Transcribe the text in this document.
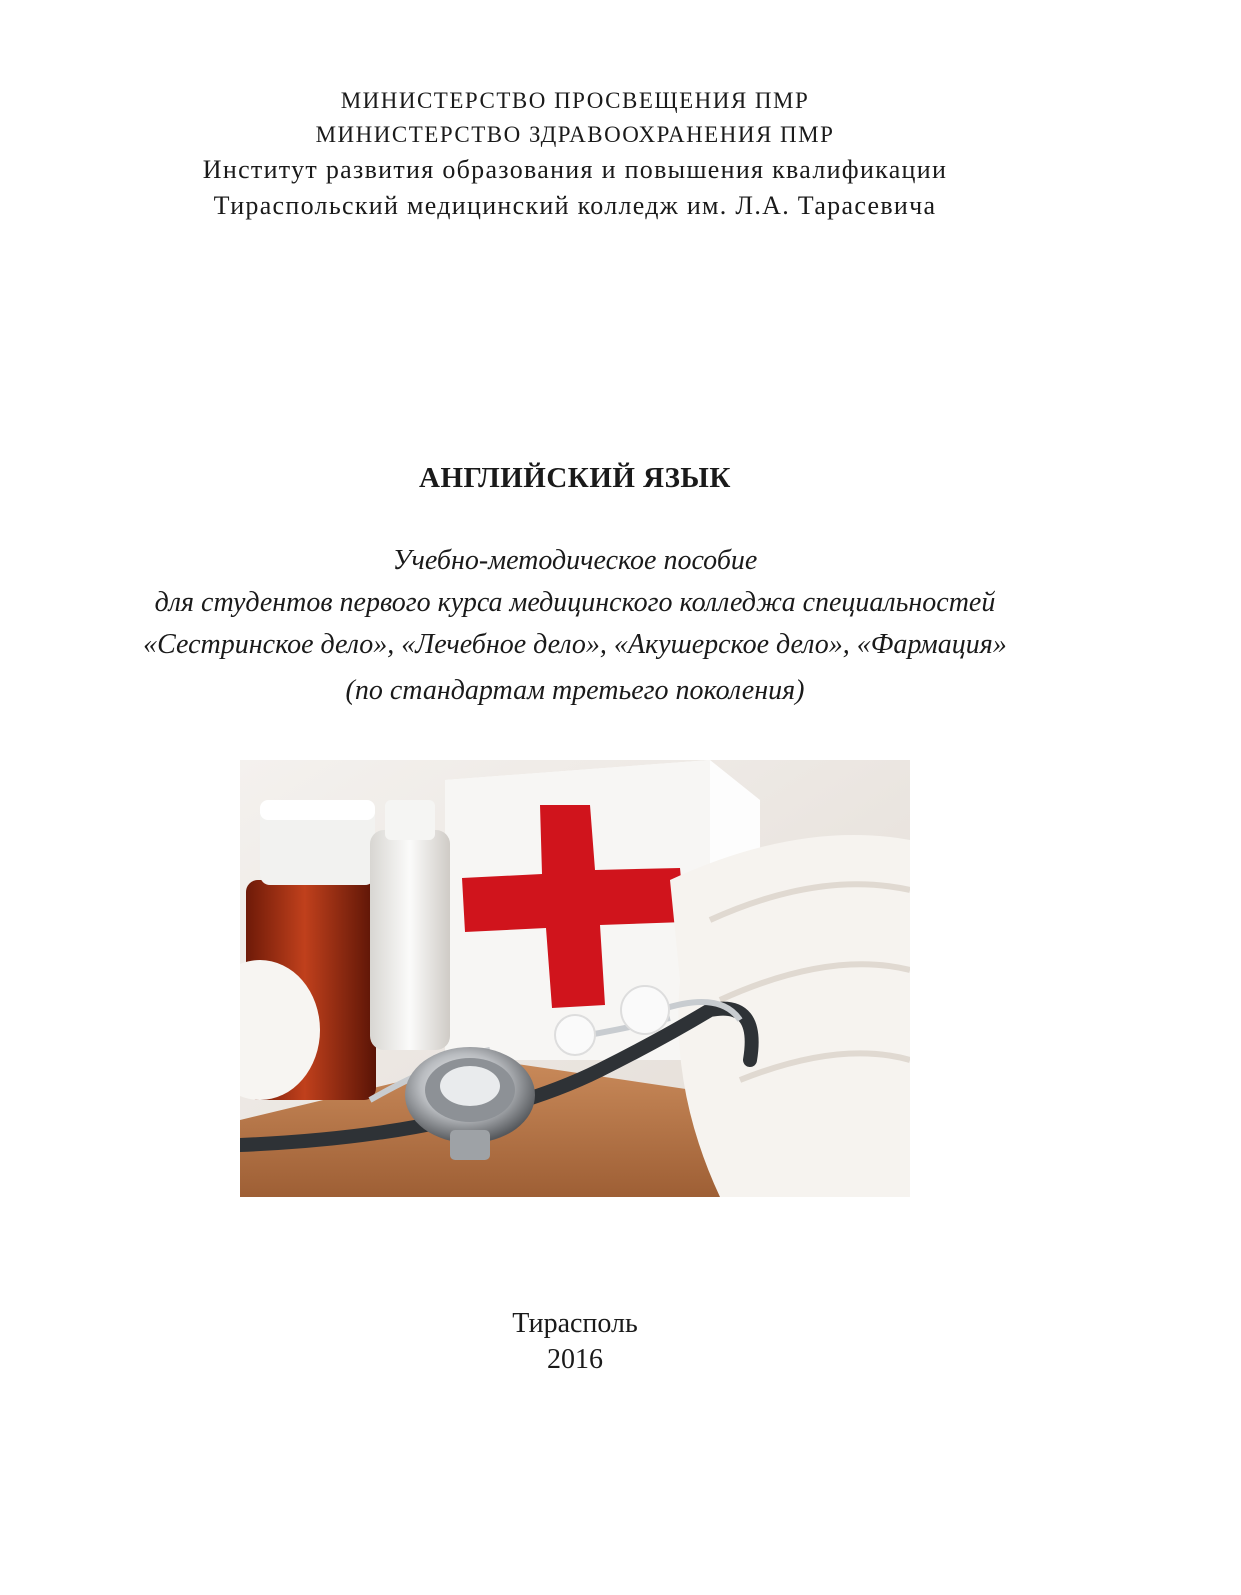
МИНИСТЕРСТВО ПРОСВЕЩЕНИЯ ПМР
МИНИСТЕРСТВО ЗДРАВООХРАНЕНИЯ ПМР
Институт развития образования и повышения квалификации
Тираспольский медицинский колледж им. Л.А. Тарасевича
АНГЛИЙСКИЙ ЯЗЫК
Учебно-методическое пособие
для студентов первого курса медицинского колледжа специальностей
«Сестринское дело», «Лечебное дело», «Акушерское дело», «Фармация»
(по стандартам третьего поколения)
Тирасполь
2016
